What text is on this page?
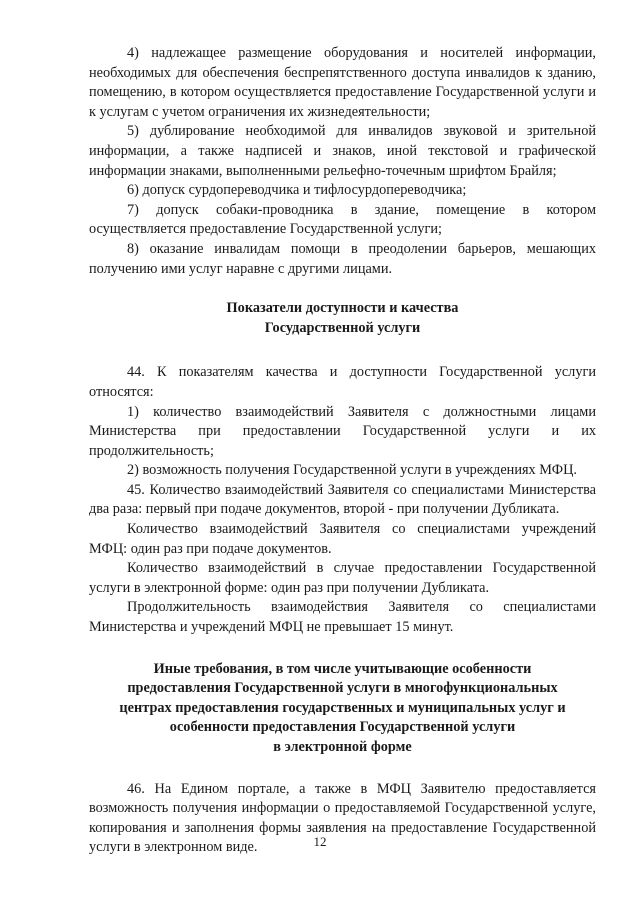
4) надлежащее размещение оборудования и носителей информации, необходимых для обеспечения беспрепятственного доступа инвалидов к зданию, помещению, в котором осуществляется предоставление Государственной услуги и к услугам с учетом ограничения их жизнедеятельности;

5) дублирование необходимой для инвалидов звуковой и зрительной информации, а также надписей и знаков, иной текстовой и графической информации знаками, выполненными рельефно-точечным шрифтом Брайля;

6) допуск сурдопереводчика и тифлосурдопереводчика;

7) допуск собаки-проводника в здание, помещение в котором осуществляется предоставление Государственной услуги;

8) оказание инвалидам помощи в преодолении барьеров, мешающих получению ими услуг наравне с другими лицами.

Показатели доступности и качества
Государственной услуги

44. К показателям качества и доступности Государственной услуги относятся:

1) количество взаимодействий Заявителя с должностными лицами Министерства при предоставлении Государственной услуги и их продолжительность;

2) возможность получения Государственной услуги в учреждениях МФЦ.

45. Количество взаимодействий Заявителя со специалистами Министерства два раза: первый при подаче документов, второй - при получении Дубликата.

Количество взаимодействий Заявителя со специалистами учреждений МФЦ: один раз при подаче документов.

Количество взаимодействий в случае предоставлении Государственной услуги в электронной форме: один раз при получении Дубликата.

Продолжительность взаимодействия Заявителя со специалистами Министерства и учреждений МФЦ не превышает 15 минут.

Иные требования, в том числе учитывающие особенности
предоставления Государственной услуги в многофункциональных
центрах предоставления государственных и муниципальных услуг и
особенности предоставления Государственной услуги
в электронной форме

46. На Едином портале, а также в МФЦ Заявителю предоставляется возможность получения информации о предоставляемой Государственной услуге, копирования и заполнения формы заявления на предоставление Государственной услуги в электронном виде.	12
